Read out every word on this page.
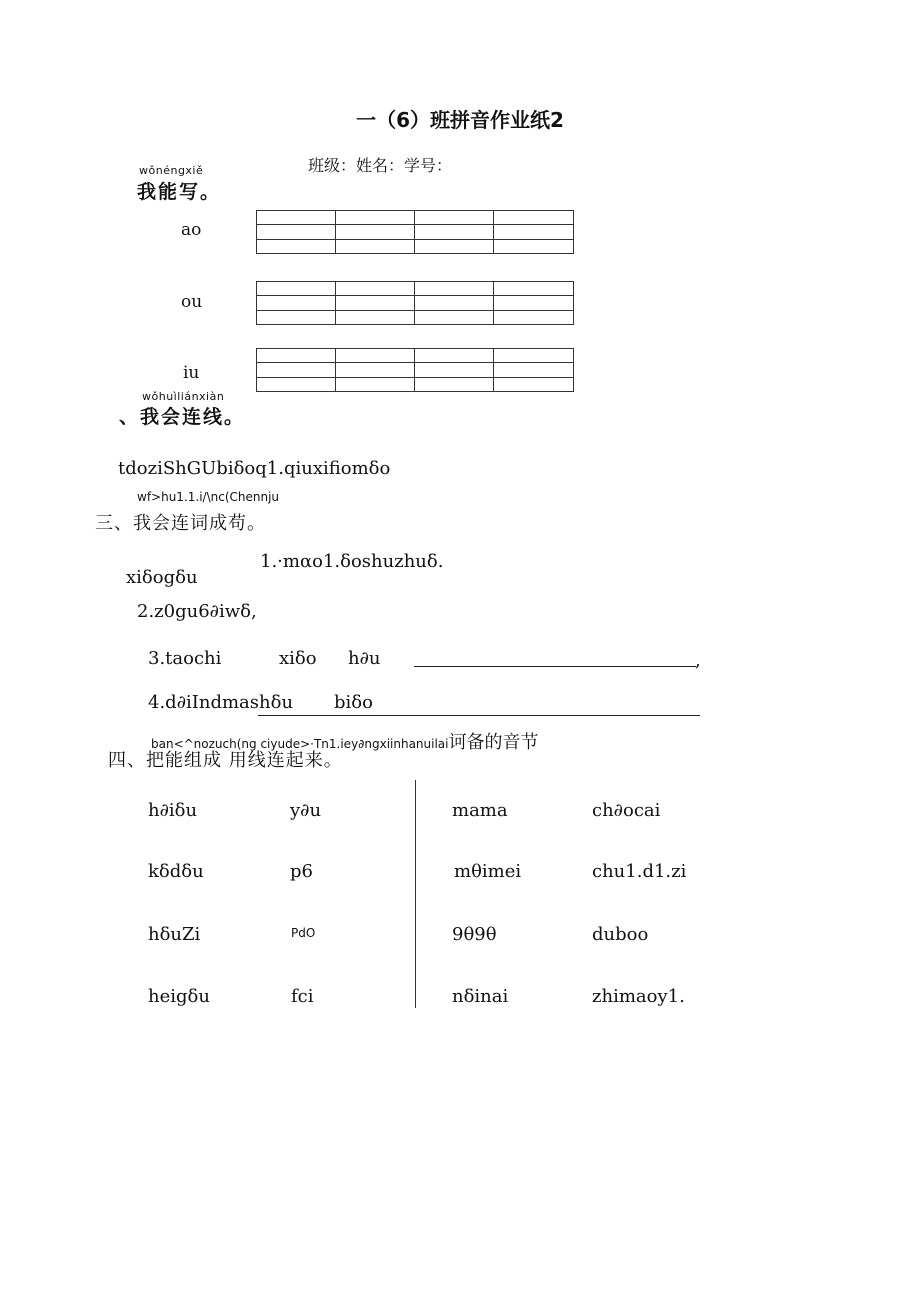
一（6）班拼音作业纸2
班级：姓名：学号：
wǒnéngxiě
我能写。
ao
ou
iu
wǒhuìliánxiàn
、我会连线。
tdoziShGUbiδoq1.qiuxifiomδo
wf>hu1.1.i/\nc(Chennju
三、我会连词成苟。
1.·mαo1.δoshuzhuδ.
xiδogδu
2.z0gu6∂iwδ,
3.taochi	xiδo h∂u	,
4.d∂iIndmashδu biδo
ban<^nozuch(ng ciyude>·Tn1.iey∂ngxiinhanuilai诃备的音节
四、把能组成 用线连起来。
h∂iδu	y∂u	mama	ch∂ocai
kδdδu	p6	mθimei	chu1.d1.zi
hδuZi	PdO	9θ9θ	duboo
heigδu	fci	nδinai	zhimaoy1.
